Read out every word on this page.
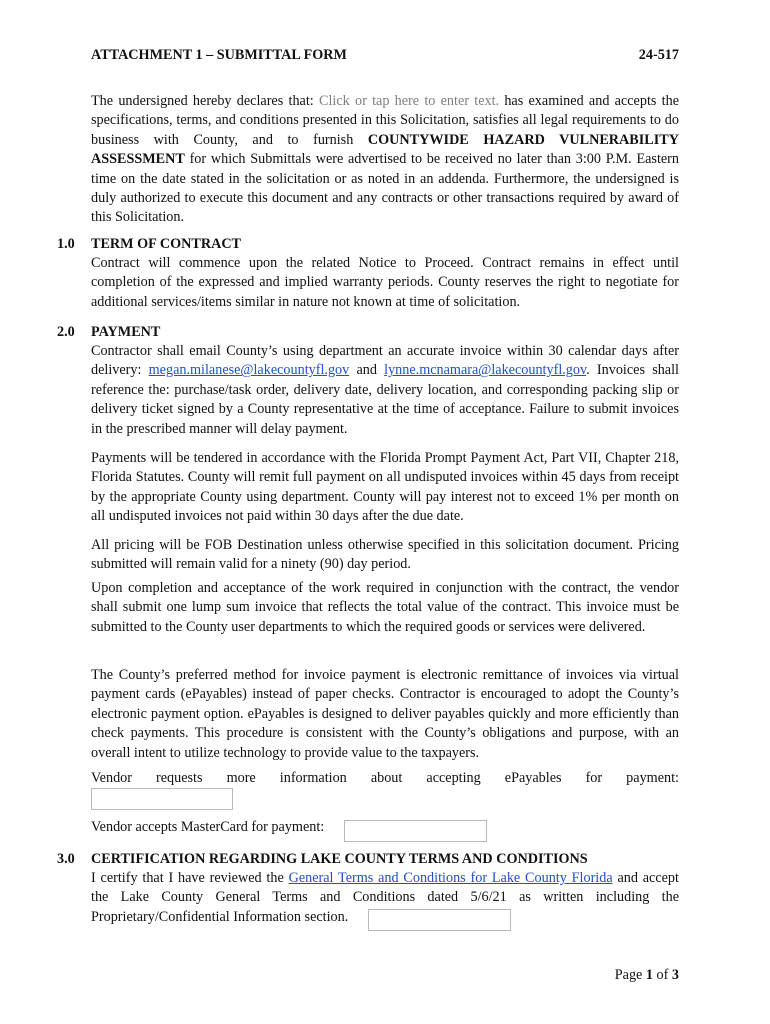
ATTACHMENT 1 – SUBMITTAL FORM	24-517
The undersigned hereby declares that: Click or tap here to enter text. has examined and accepts the specifications, terms, and conditions presented in this Solicitation, satisfies all legal requirements to do business with County, and to furnish COUNTYWIDE HAZARD VULNERABILITY ASSESSMENT for which Submittals were advertised to be received no later than 3:00 P.M. Eastern time on the date stated in the solicitation or as noted in an addenda. Furthermore, the undersigned is duly authorized to execute this document and any contracts or other transactions required by award of this Solicitation.
1.0 TERM OF CONTRACT
Contract will commence upon the related Notice to Proceed. Contract remains in effect until completion of the expressed and implied warranty periods. County reserves the right to negotiate for additional services/items similar in nature not known at time of solicitation.
2.0 PAYMENT
Contractor shall email County’s using department an accurate invoice within 30 calendar days after delivery: megan.milanese@lakecountyfl.gov and lynne.mcnamara@lakecountyfl.gov. Invoices shall reference the: purchase/task order, delivery date, delivery location, and corresponding packing slip or delivery ticket signed by a County representative at the time of acceptance. Failure to submit invoices in the prescribed manner will delay payment.
Payments will be tendered in accordance with the Florida Prompt Payment Act, Part VII, Chapter 218, Florida Statutes. County will remit full payment on all undisputed invoices within 45 days from receipt by the appropriate County using department. County will pay interest not to exceed 1% per month on all undisputed invoices not paid within 30 days after the due date.
All pricing will be FOB Destination unless otherwise specified in this solicitation document. Pricing submitted will remain valid for a ninety (90) day period.
Upon completion and acceptance of the work required in conjunction with the contract, the vendor shall submit one lump sum invoice that reflects the total value of the contract. This invoice must be submitted to the County user departments to which the required goods or services were delivered.
The County’s preferred method for invoice payment is electronic remittance of invoices via virtual payment cards (ePayables) instead of paper checks. Contractor is encouraged to adopt the County’s electronic payment option. ePayables is designed to deliver payables quickly and more efficiently than check payments. This procedure is consistent with the County’s obligations and purpose, with an overall intent to utilize technology to provide value to the taxpayers.
Vendor requests more information about accepting ePayables for payment:
Vendor accepts MasterCard for payment:
3.0 CERTIFICATION REGARDING LAKE COUNTY TERMS AND CONDITIONS
I certify that I have reviewed the General Terms and Conditions for Lake County Florida and accept the Lake County General Terms and Conditions dated 5/6/21 as written including the Proprietary/Confidential Information section.
Page 1 of 3
